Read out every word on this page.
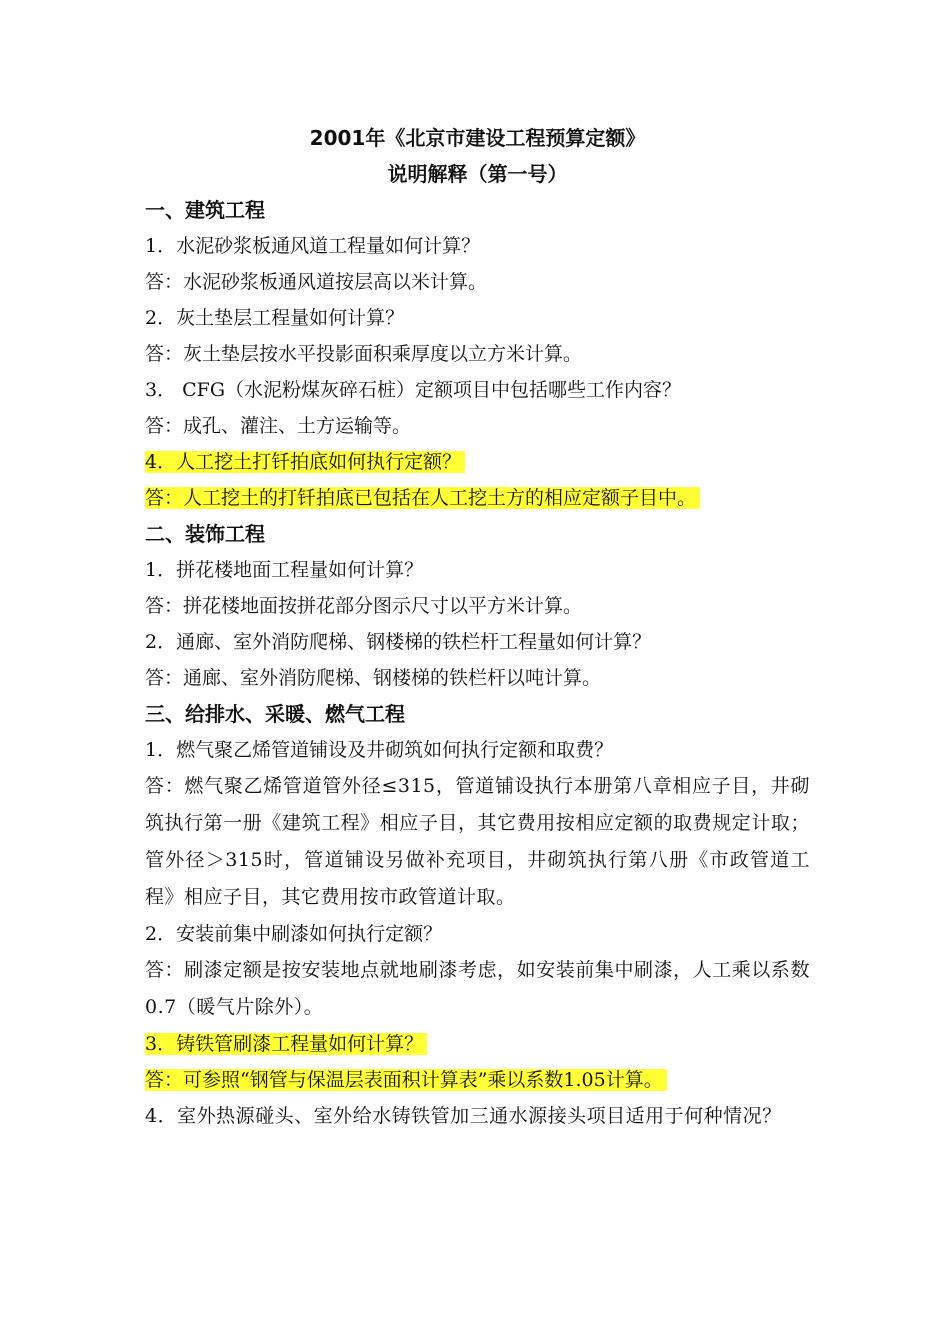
2001年《北京市建设工程预算定额》

说明解释（第一号）

一、建筑工程

1．水泥砂浆板通风道工程量如何计算？

答：水泥砂浆板通风道按层高以米计算。

2．灰土垫层工程量如何计算？

答：灰土垫层按水平投影面积乘厚度以立方米计算。

3． CFG（水泥粉煤灰碎石桩）定额项目中包括哪些工作内容？

答：成孔、灌注、土方运输等。

4．人工挖土打钎拍底如何执行定额？

答：人工挖土的打钎拍底已包括在人工挖土方的相应定额子目中。

二、装饰工程

1．拼花楼地面工程量如何计算？

答：拼花楼地面按拼花部分图示尺寸以平方米计算。

2．通廊、室外消防爬梯、钢楼梯的铁栏杆工程量如何计算？

答：通廊、室外消防爬梯、钢楼梯的铁栏杆以吨计算。

三、给排水、采暖、燃气工程

1．燃气聚乙烯管道铺设及井砌筑如何执行定额和取费？

答：燃气聚乙烯管道管外径≤315，管道铺设执行本册第八章相应子目，井砌筑执行第一册《建筑工程》相应子目，其它费用按相应定额的取费规定计取；管外径＞315时，管道铺设另做补充项目，井砌筑执行第八册《市政管道工程》相应子目，其它费用按市政管道计取。

2．安装前集中刷漆如何执行定额？

答：刷漆定额是按安装地点就地刷漆考虑，如安装前集中刷漆，人工乘以系数0.7（暖气片除外）。

3．铸铁管刷漆工程量如何计算？

答：可参照“钢管与保温层表面积计算表”乘以系数1.05计算。

4．室外热源碰头、室外给水铸铁管加三通水源接头项目适用于何种情况？
